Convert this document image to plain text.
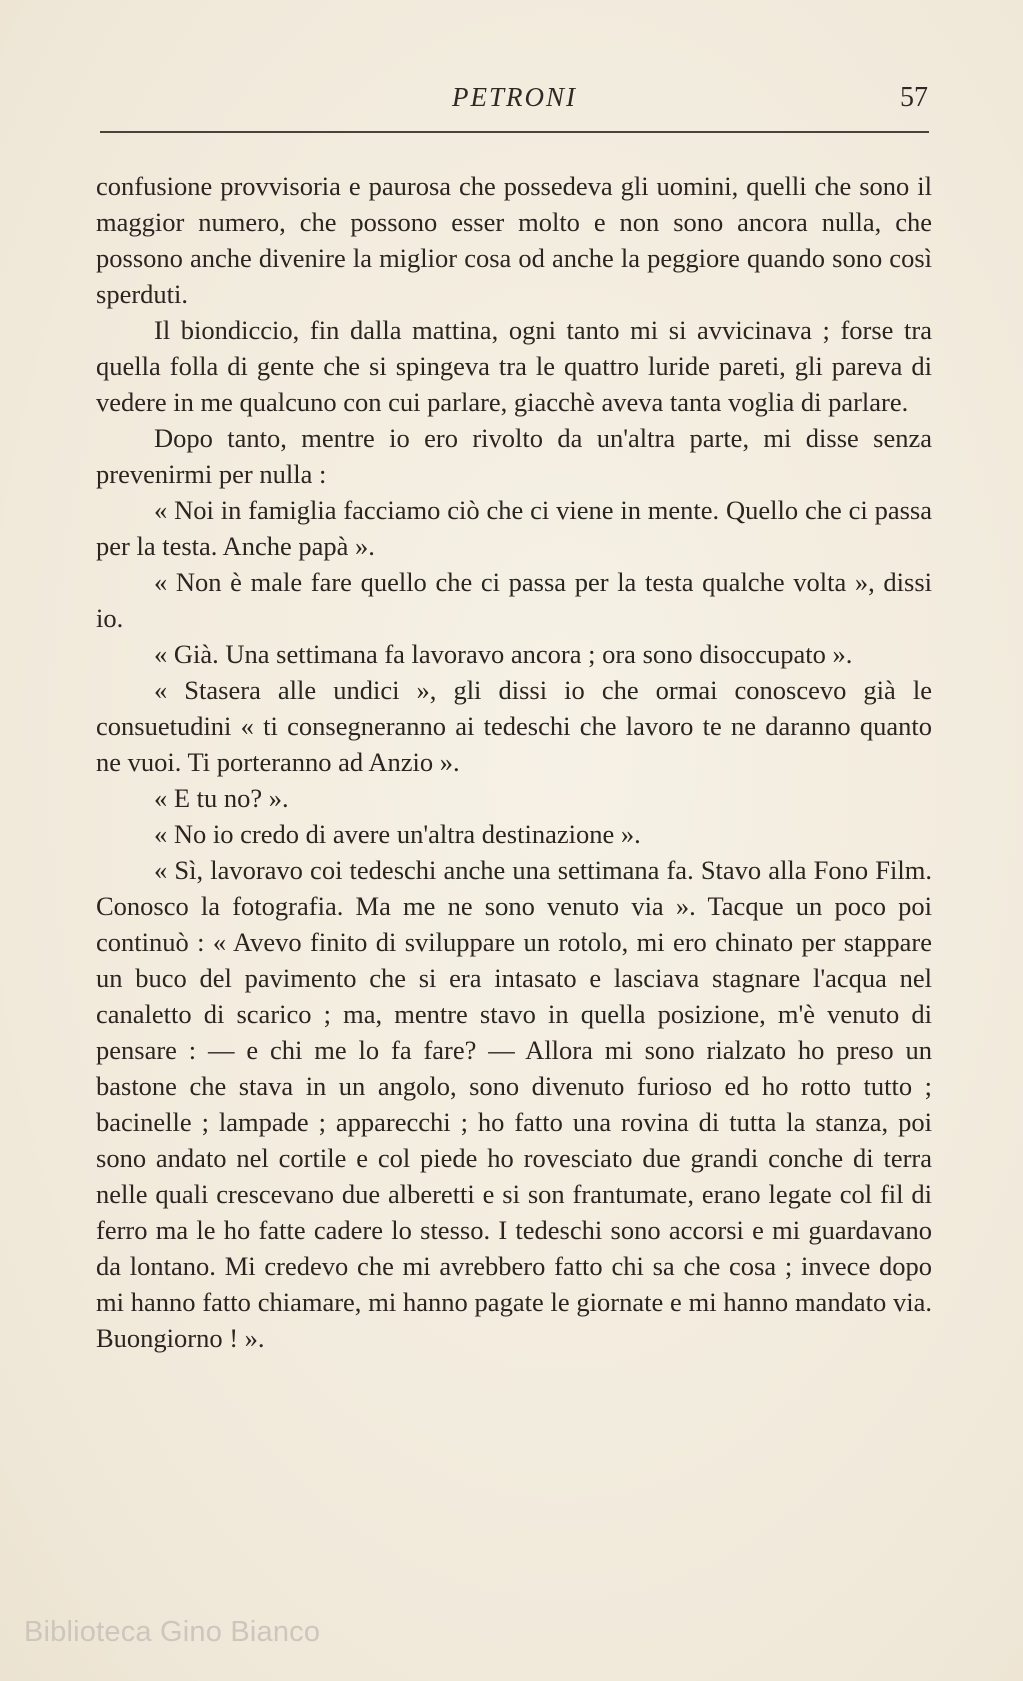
PETRONI	57

confusione provvisoria e paurosa che possedeva gli uomini, quelli che sono il maggior numero, che possono esser molto e non sono ancora nulla, che possono anche divenire la miglior cosa od anche la peggiore quando sono così sperduti.

Il biondiccio, fin dalla mattina, ogni tanto mi si avvicinava ; forse tra quella folla di gente che si spingeva tra le quattro luride pareti, gli pareva di vedere in me qualcuno con cui parlare, giacchè aveva tanta voglia di parlare.

Dopo tanto, mentre io ero rivolto da un'altra parte, mi disse senza prevenirmi per nulla :

« Noi in famiglia facciamo ciò che ci viene in mente. Quello che ci passa per la testa. Anche papà ».

« Non è male fare quello che ci passa per la testa qualche volta », dissi io.

« Già. Una settimana fa lavoravo ancora ; ora sono disoccupato ».

« Stasera alle undici », gli dissi io che ormai conoscevo già le consuetudini « ti consegneranno ai tedeschi che lavoro te ne daranno quanto ne vuoi. Ti porteranno ad Anzio ».

« E tu no? ».

« No io credo di avere un'altra destinazione ».

« Sì, lavoravo coi tedeschi anche una settimana fa. Stavo alla Fono Film. Conosco la fotografia. Ma me ne sono venuto via ». Tacque un poco poi continuò : « Avevo finito di sviluppare un rotolo, mi ero chinato per stappare un buco del pavimento che si era intasato e lasciava stagnare l'acqua nel canaletto di scarico ; ma, mentre stavo in quella posizione, m'è venuto di pensare : — e chi me lo fa fare? — Allora mi sono rialzato ho preso un bastone che stava in un angolo, sono divenuto furioso ed ho rotto tutto ; bacinelle ; lampade ; apparecchi ; ho fatto una rovina di tutta la stanza, poi sono andato nel cortile e col piede ho rovesciato due grandi conche di terra nelle quali crescevano due alberetti e si son frantumate, erano legate col fil di ferro ma le ho fatte cadere lo stesso. I tedeschi sono accorsi e mi guardavano da lontano. Mi credevo che mi avrebbero fatto chi sa che cosa ; invece dopo mi hanno fatto chiamare, mi hanno pagate le giornate e mi hanno mandato via. Buongiorno ! ».

Biblioteca Gino Bianco
